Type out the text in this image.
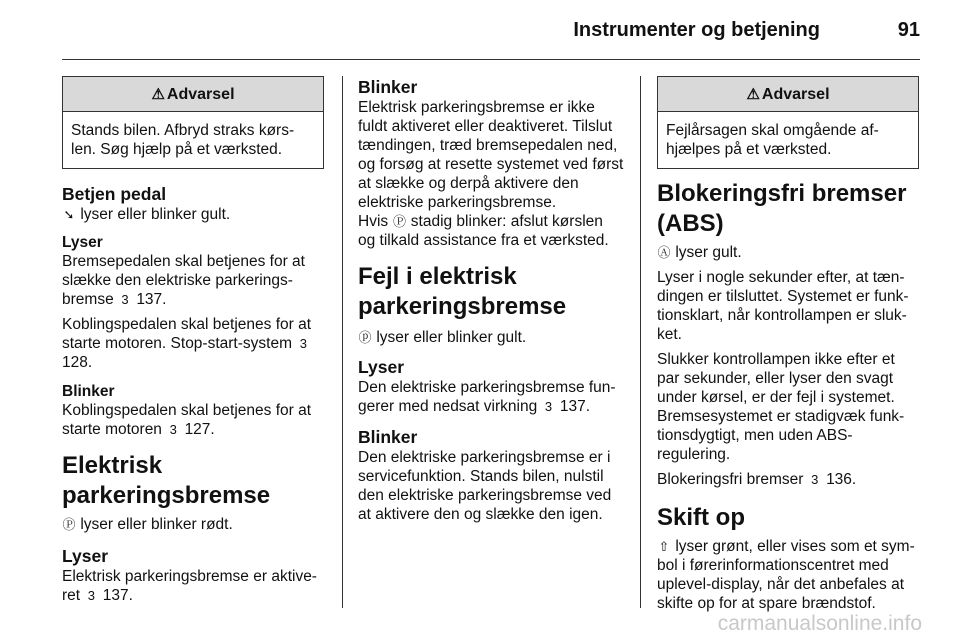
Instrumenter og betjening	91
⚠ Advarsel
Stands bilen. Afbryd straks kørs-
len. Søg hjælp på et værksted.
Betjen pedal

➘ lyser eller blinker gult.

Lyser

Bremsepedalen skal betjenes for at slække den elektriske parkerings-bremse 3 137.

Koblingspedalen skal betjenes for at starte motoren. Stop-start-system 3 128.

Blinker

Koblingspedalen skal betjenes for at starte motoren 3 127.

Elektrisk parkeringsbremse

Ⓟ lyser eller blinker rødt.

Lyser

Elektrisk parkeringsbremse er aktive-ret 3 137.

Blinker

Elektrisk parkeringsbremse er ikke fuldt aktiveret eller deaktiveret. Tilslut tændingen, træd bremsepedalen ned, og forsøg at resette systemet ved først at slække og derpå aktivere den elektriske parkeringsbremse.

Hvis Ⓟ stadig blinker: afslut kørslen og tilkald assistance fra et værksted.

Fejl i elektrisk parkeringsbremse

ⓟ lyser eller blinker gult.

Lyser

Den elektriske parkeringsbremse fun-gerer med nedsat virkning 3 137.

Blinker

Den elektriske parkeringsbremse er i servicefunktion. Stands bilen, nulstil den elektriske parkeringsbremse ved at aktivere den og slække den igen.

⚠ Advarsel
Fejlårsagen skal omgående af-hjælpes på et værksted.
Blokeringsfri bremser (ABS)

Ⓐ lyser gult.

Lyser i nogle sekunder efter, at tæn-dingen er tilsluttet. Systemet er funk-tionsklart, når kontrollampen er sluk-ket.

Slukker kontrollampen ikke efter et par sekunder, eller lyser den svagt under kørsel, er der fejl i systemet. Bremsesystemet er stadigvæk funk-tionsdygtigt, men uden ABS-regulering.

Blokeringsfri bremser 3 136.

Skift op

⇧ lyser grønt, eller vises som et sym-bol i førerinformationscentret med uplevel-display, når det anbefales at skifte op for at spare brændstof.

carmanualsonline.info
